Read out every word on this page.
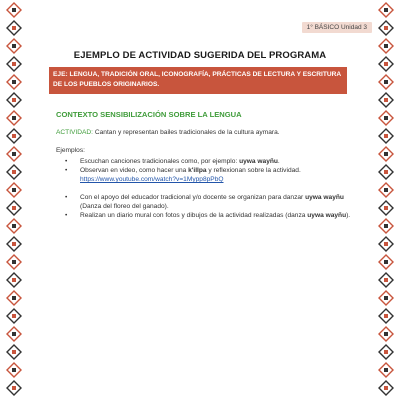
1° BÁSICO Unidad 3
EJEMPLO DE ACTIVIDAD SUGERIDA DEL PROGRAMA
EJE: LENGUA, TRADICIÓN ORAL, ICONOGRAFÍA, PRÁCTICAS DE LECTURA Y ESCRITURA DE LOS PUEBLOS ORIGINARIOS.
CONTEXTO SENSIBILIZACIÓN SOBRE LA LENGUA
ACTIVIDAD: Cantan y representan bailes tradicionales de la cultura aymara.
Ejemplos:
• Escuchan canciones tradicionales como, por ejemplo: uywa wayñu.
• Observan en video, como hacer una k'illpa y reflexionan sobre la actividad.
https://www.youtube.com/watch?v=1Mypp8pPbQ
• Con el apoyo del educador tradicional y/o docente se organizan para danzar uywa wayñu (Danza del floreo del ganado).
• Realizan un diario mural con fotos y dibujos de la actividad realizadas (danza uywa wayñu).
